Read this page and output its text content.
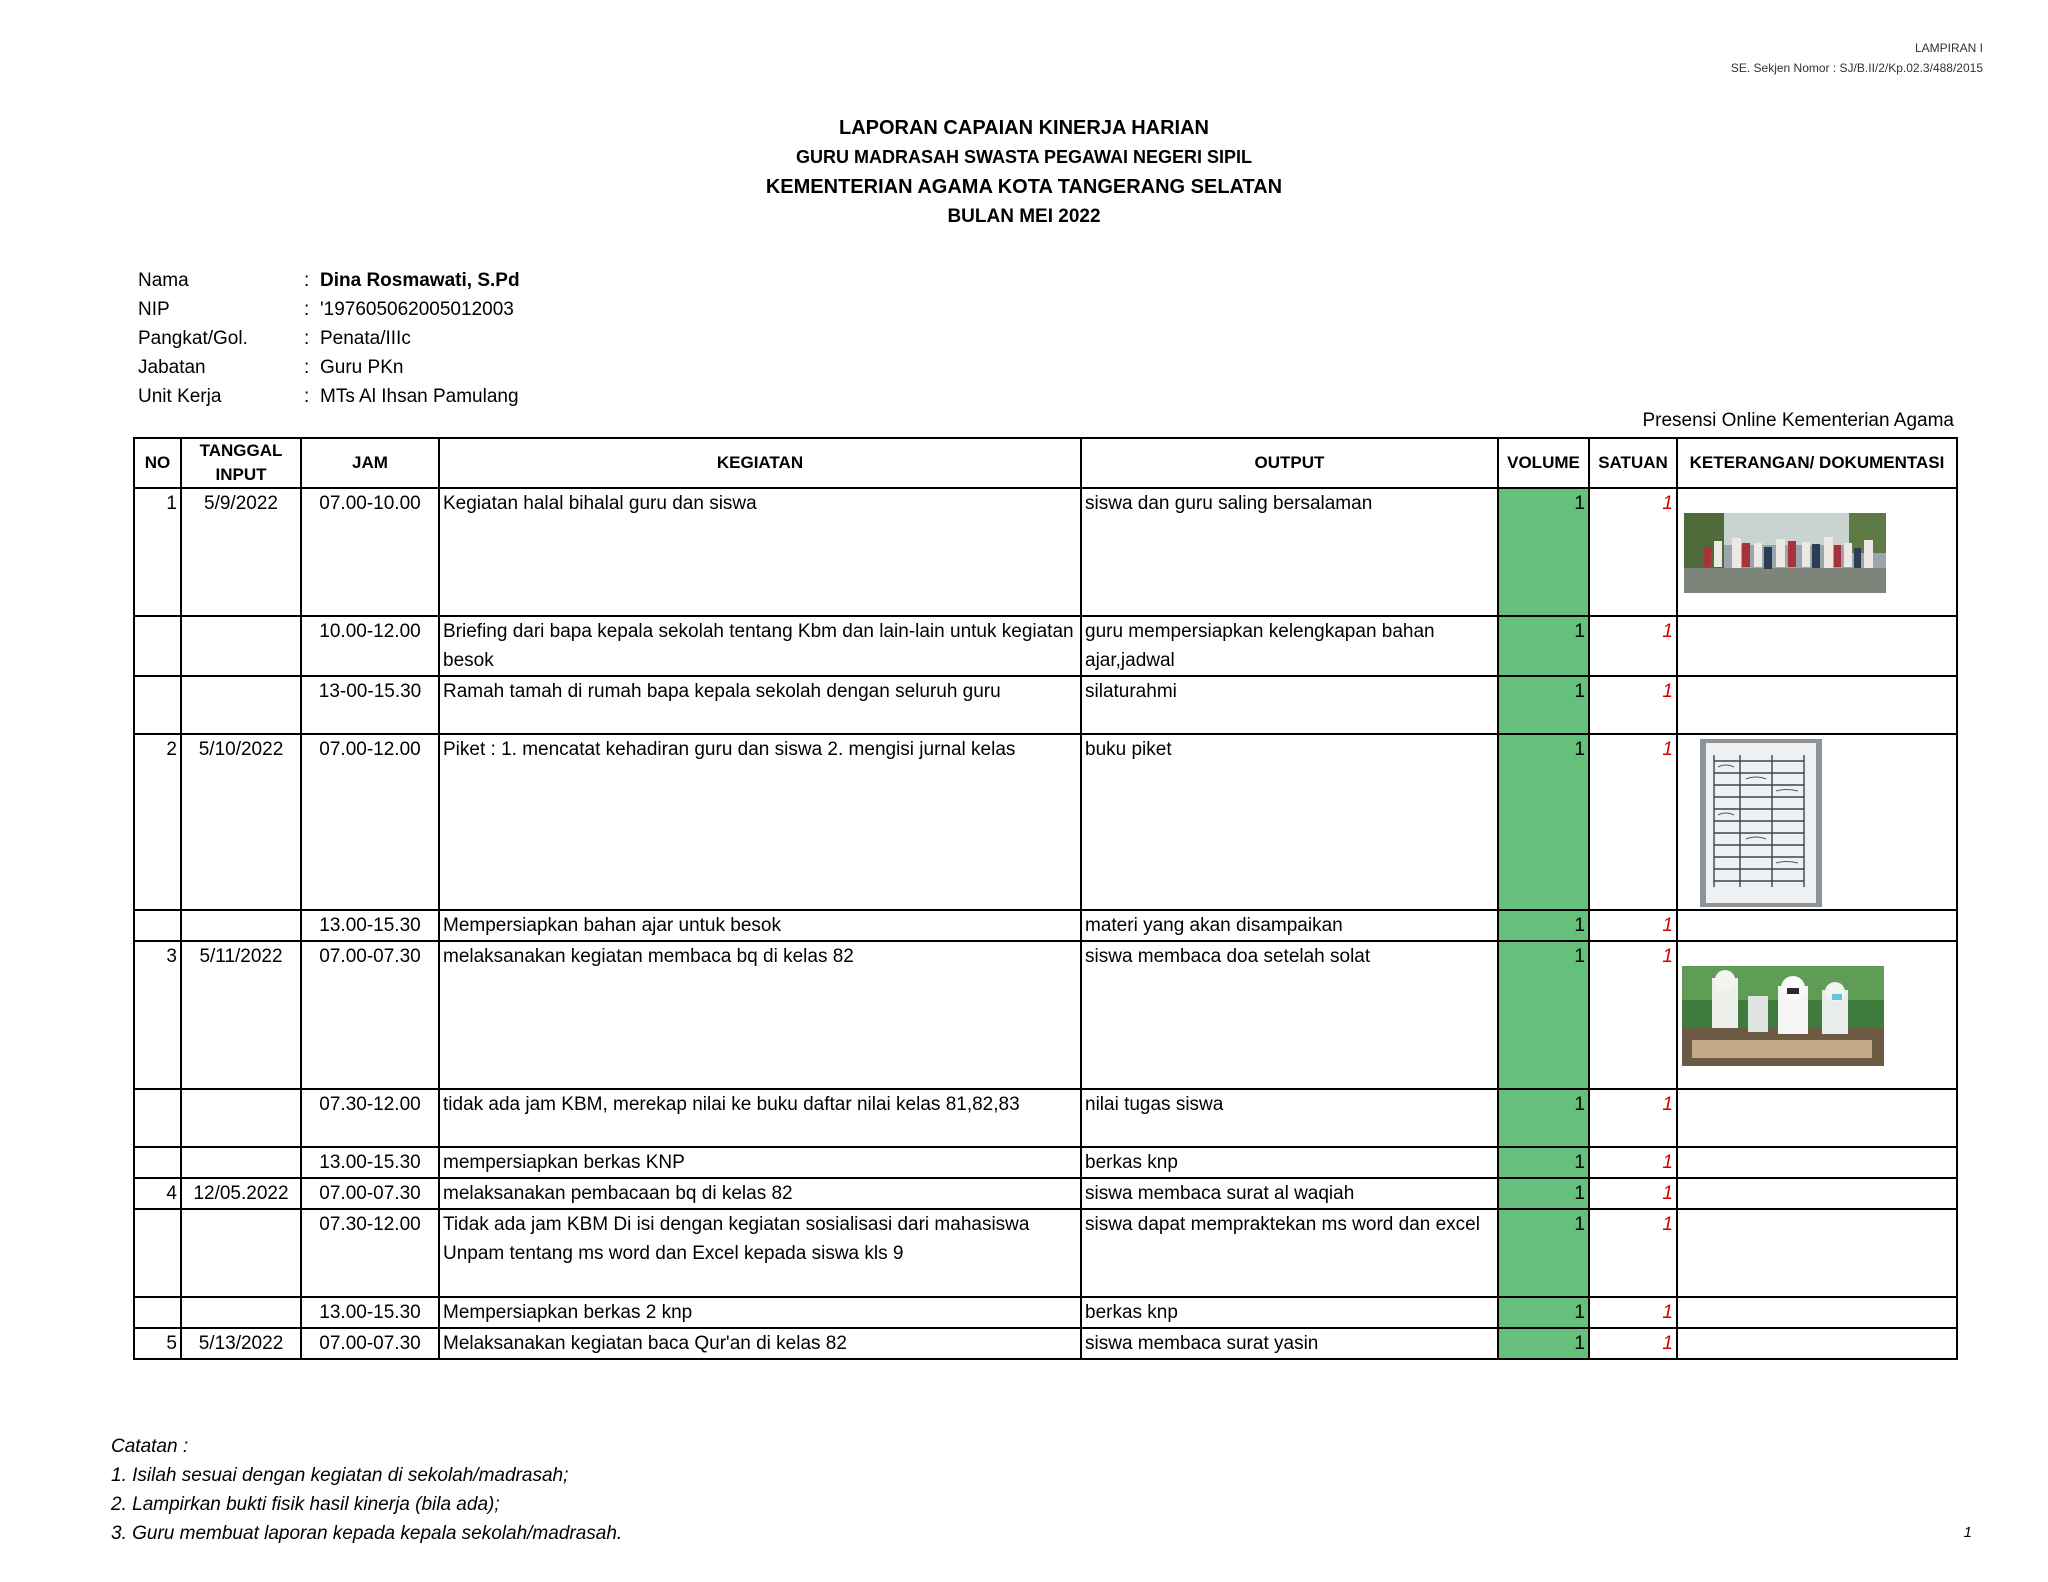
LAMPIRAN I
SE. Sekjen Nomor : SJ/B.II/2/Kp.02.3/488/2015
LAPORAN CAPAIAN KINERJA HARIAN
GURU MADRASAH SWASTA PEGAWAI NEGERI SIPIL
KEMENTERIAN AGAMA KOTA TANGERANG SELATAN
BULAN MEI 2022
Nama	: Dina Rosmawati, S.Pd
NIP	: '197605062005012003
Pangkat/Gol.	: Penata/IIIc
Jabatan	: Guru PKn
Unit Kerja	: MTs Al Ihsan Pamulang
Presensi Online Kementerian Agama
NO	TANGGAL INPUT	JAM	KEGIATAN	OUTPUT	VOLUME	SATUAN	KETERANGAN/ DOKUMENTASI
1	5/9/2022	07.00-10.00	Kegiatan halal bihalal guru dan siswa	siswa dan guru saling bersalaman	1	1	

		10.00-12.00	Briefing dari bapa kepala sekolah tentang Kbm dan lain-lain untuk kegiatan besok	guru mempersiapkan kelengkapan bahan ajar,jadwal	1	1	
		13-00-15.30	Ramah tamah di rumah bapa kepala sekolah dengan seluruh guru	silaturahmi	1	1	
2	5/10/2022	07.00-12.00	Piket : 1. mencatat kehadiran guru dan siswa 2. mengisi jurnal kelas	buku piket	1	1	

		13.00-15.30	Mempersiapkan bahan ajar untuk besok	materi yang akan disampaikan	1	1	
3	5/11/2022	07.00-07.30	melaksanakan kegiatan membaca bq di kelas 82	siswa membaca doa setelah solat	1	1	

		07.30-12.00	tidak ada jam KBM, merekap nilai ke buku daftar nilai kelas 81,82,83	nilai tugas siswa	1	1	
		13.00-15.30	mempersiapkan berkas KNP	berkas knp	1	1	
4	12/05.2022	07.00-07.30	melaksanakan pembacaan bq di kelas 82	siswa membaca surat al waqiah	1	1	
		07.30-12.00	Tidak ada jam KBM Di isi dengan kegiatan sosialisasi dari mahasiswa Unpam tentang ms word dan Excel kepada siswa kls 9	siswa dapat mempraktekan ms word dan excel	1	1	
		13.00-15.30	Mempersiapkan berkas 2 knp	berkas knp	1	1	
5	5/13/2022	07.00-07.30	Melaksanakan kegiatan baca Qur'an di kelas 82	siswa membaca surat yasin	1	1	
Catatan :
1. Isilah sesuai dengan kegiatan di sekolah/madrasah;
2. Lampirkan bukti fisik hasil kinerja (bila ada);
3. Guru membuat laporan kepada kepala sekolah/madrasah.	1
